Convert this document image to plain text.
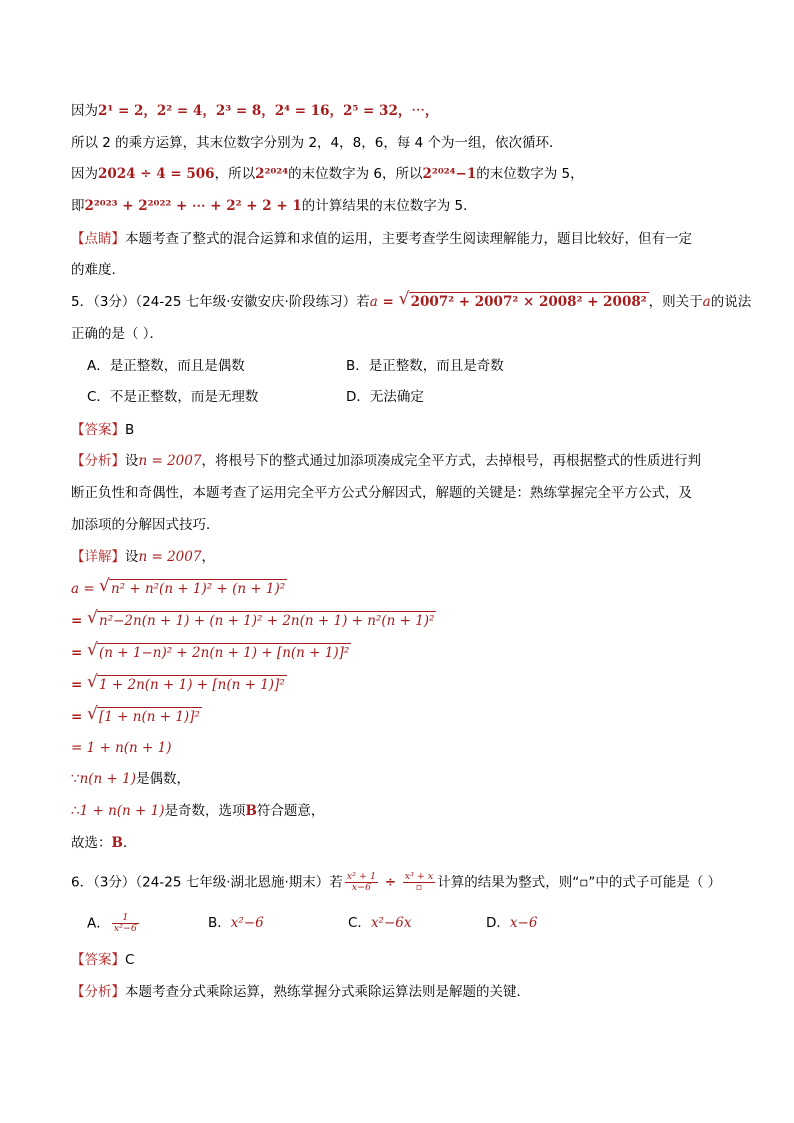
因为2¹ = 2，2² = 4，2³ = 8，2⁴ = 16，2⁵ = 32，⋯，
所以 2 的乘方运算，其末位数字分别为 2，4，8，6，每 4 个为一组，依次循环．
因为2024 ÷ 4 = 506，所以2²⁰²⁴的末位数字为 6，所以2²⁰²⁴−1的末位数字为 5，
即2²⁰²³ + 2²⁰²² + ⋯ + 2² + 2 + 1的计算结果的末位数字为 5．
【点睛】本题考查了整式的混合运算和求值的运用，主要考查学生阅读理解能力，题目比较好，但有一定
的难度.
5．（3分）（24-25 七年级·安徽安庆·阶段练习）若a = √ 2007² + 2007² × 2008² + 2008² ，则关于a的说法
正确的是（ ）．
A．是正整数，而且是偶数	B．是正整数，而且是奇数
C．不是正整数，而是无理数	D．无法确定
【答案】B
【分析】设n = 2007，将根号下的整式通过加添项凑成完全平方式，去掉根号，再根据整式的性质进行判
断正负性和奇偶性，本题考查了运用完全平方公式分解因式，解题的关键是：熟练掌握完全平方公式，及
加添项的分解因式技巧．
【详解】设n = 2007，
a = √ n² + n²(n + 1)² + (n + 1)²
= √ n²−2n(n + 1) + (n + 1)² + 2n(n + 1) + n²(n + 1)²
= √ (n + 1−n)² + 2n(n + 1) + [n(n + 1)]²
= √ 1 + 2n(n + 1) + [n(n + 1)]²
= √ [1 + n(n + 1)]²
= 1 + n(n + 1)
∵n(n + 1)是偶数，
∴1 + n(n + 1)是奇数，选项B符合题意，
故选：B．
6．（3分）（24-25 七年级·湖北恩施·期末）若 $\frac{\text{x² + 1}}{x-6} \div \frac{\text{x³ + x}}{▫}$ 计算的结果为整式，则“▫”中的式子可能是（ ）
A． $\frac{1}{\text{x²−6}}$	B．x²−6	C．x²−6x	D．x−6
【答案】C
【分析】本题考查分式乘除运算，熟练掌握分式乘除运算法则是解题的关键．
